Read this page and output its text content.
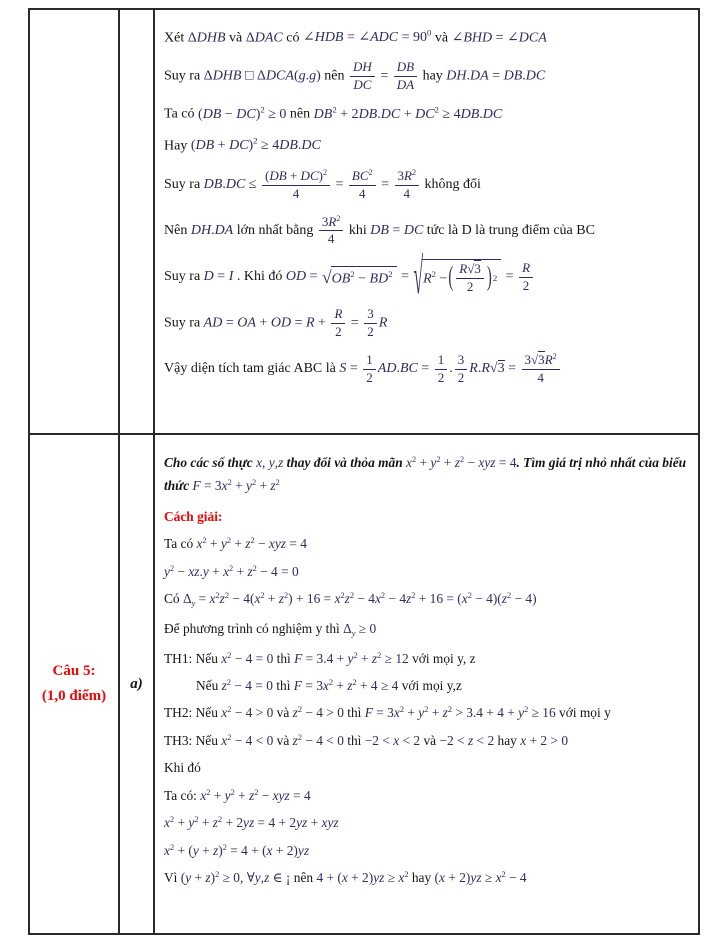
Xét ΔDHB và ΔDAC có ∠HDB = ∠ADC = $90^0$ và ∠BHD = ∠DCA
Suy ra ΔDHB □ ΔDCA(g.g) nên $\frac{DH}{DC} = \frac{DB}{DA}$ hay DH.DA = DB.DC
Ta có (DB − DC)$^2$ ≥ 0 nên $DB^2 + 2DB.DC + DC^2 \ge 4DB.DC$
Hay (DB + DC)$^2$ ≥ 4DB.DC
Suy ra $DB.DC \le \frac{(DB + DC)^2}{4} = \frac{BC^2}{4} = \frac{3R^2}{4}$ không đổi
Nên DH.DA lớn nhất bằng $\frac{3R^2}{4}$ khi DB = DC tức là D là trung điểm của BC
Suy ra D = I . Khi đó OD = √ $OB^2 - BD^2$ = √ $R^2$ − ( $\frac{R√3}{2}$ ) $2 = \frac{R}{2}$
Suy ra AD = OA + OD = $R + \frac{R}{2} = \frac{3}{2}$ R
Vậy diện tích tam giác ABC là $S = \frac{1}{2} AD.BC = \frac{1}{2}$ . $\frac{3}{2} R.R√3 = \frac{3√3R^2}{4}$
Câu 5:
(1,0 điểm)
a)
Cho các số thực x, y,z thay đổi và thỏa mãn $x^2 + y^2 + z^2$ − xyz = 4. Tìm giá trị nhỏ nhất của biểu thức $F = 3x^2 + y^2 + z^2$
Cách giải:
Ta có $x^2 + y^2 + z^2$ − xyz = 4
$y^2 - xz.y + x^2 + z^2 - 4 = 0$
Có $\Delta_y = x^2z^2 - 4(x^2 + z^2) + 16 = x^2z^2 - 4x^2 - 4z^2 + 16 = (x^2 - 4)(z^2 - 4)$
Để phương trình có nghiệm y thì $\Delta_y \ge 0$
TH1: Nếu $x^2 - 4 = 0$ thì $F = 3.4 + y^2 + z^2 \ge 12$ với mọi y, z
Nếu $z^2 - 4 = 0$ thì $F = 3x^2 + z^2 + 4 \ge 4$ với mọi y,z
TH2: Nếu $x^2 - 4 > 0$ và $z^2 - 4 > 0$ thì $F = 3x^2 + y^2 + z^2 > 3.4 + 4 + y^2 \ge 16$ với mọi y
TH3: Nếu $x^2 - 4 < 0$ và $z^2 - 4 < 0$ thì −2 < x < 2 và −2 < z < 2 hay x + 2 > 0
Khi đó
Ta có: $x^2 + y^2 + z^2$ − xyz = 4
$x^2 + y^2 + z^2 + 2yz = 4 + 2yz$ + xyz
$x^2 + (y + z)^2 = 4 + (x + 2)yz$
Vì $(y + z)^2 \ge 0$, ∀y,z ∈ ¡ nên $4 + (x + 2)yz \ge x^2$ hay $(x + 2)yz \ge x^2 - 4$
